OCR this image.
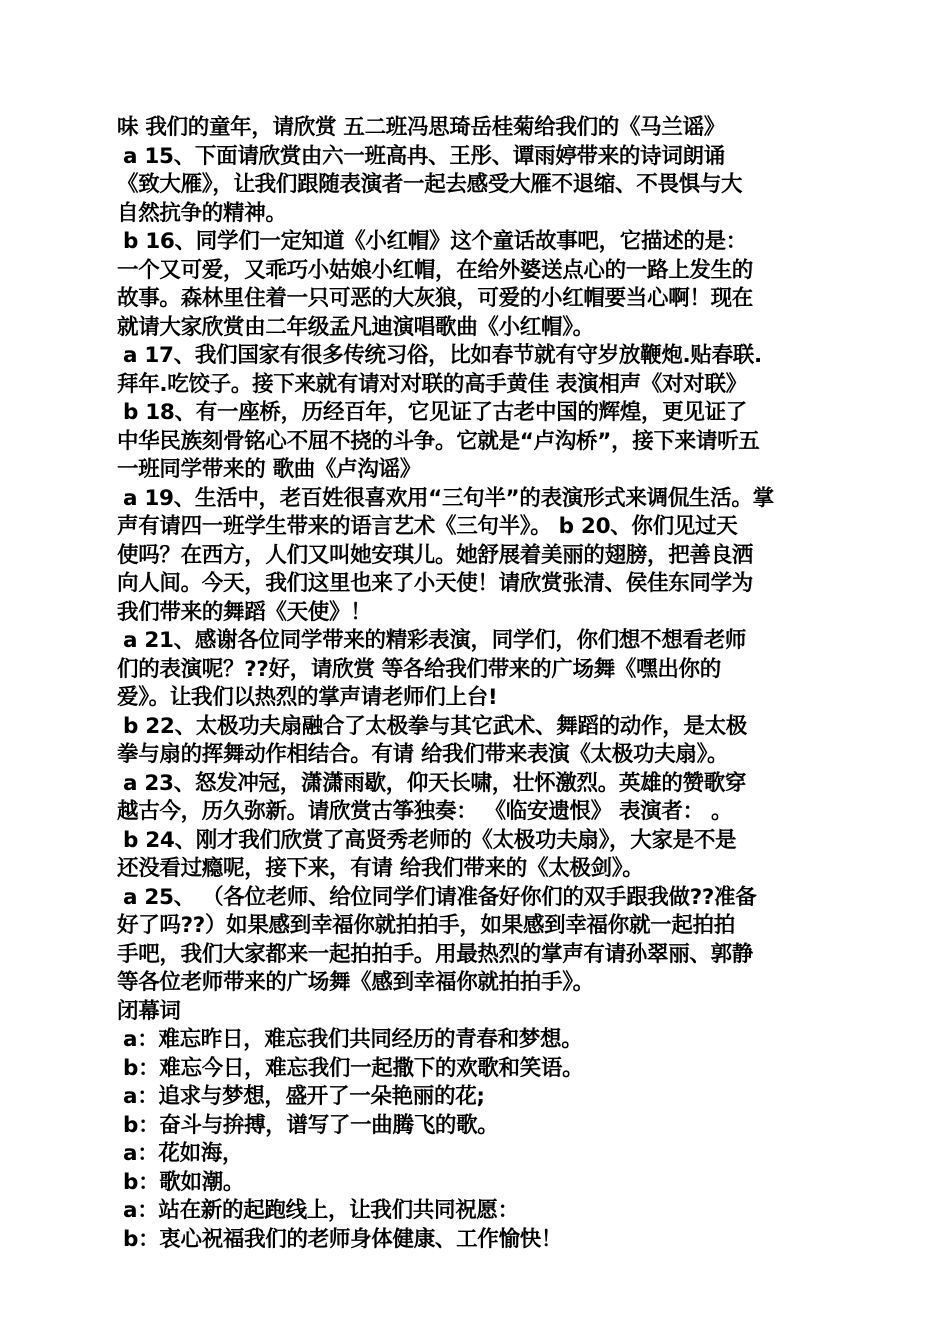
味 我们的童年，请欣赏 五二班冯思琦岳桂菊给我们的《马兰谣》
a 15、下面请欣赏由六一班高冉、王彤、谭雨婷带来的诗词朗诵
《致大雁》，让我们跟随表演者一起去感受大雁不退缩、不畏惧与大
自然抗争的精神。
b 16、同学们一定知道《小红帽》这个童话故事吧，它描述的是：
一个又可爱，又乖巧小姑娘小红帽，在给外婆送点心的一路上发生的
故事。森林里住着一只可恶的大灰狼，可爱的小红帽要当心啊！现在
就请大家欣赏由二年级孟凡迪演唱歌曲《小红帽》。
a 17、我们国家有很多传统习俗，比如春节就有守岁放鞭炮.贴春联.
拜年.吃饺子。接下来就有请对对联的高手黄佳 表演相声《对对联》
b 18、有一座桥，历经百年，它见证了古老中国的辉煌，更见证了
中华民族刻骨铭心不屈不挠的斗争。它就是“卢沟桥”，接下来请听五
一班同学带来的 歌曲《卢沟谣》
a 19、生活中，老百姓很喜欢用“三句半”的表演形式来调侃生活。掌
声有请四一班学生带来的语言艺术《三句半》。 b 20、你们见过天
使吗？在西方，人们又叫她安琪儿。她舒展着美丽的翅膀，把善良洒
向人间。今天，我们这里也来了小天使！请欣赏张清、侯佳东同学为
我们带来的舞蹈《天使》！
a 21、感谢各位同学带来的精彩表演，同学们，你们想不想看老师
们的表演呢？??好，请欣赏 等各给我们带来的广场舞《嘿出你的
爱》。让我们以热烈的掌声请老师们上台!
b 22、太极功夫扇融合了太极拳与其它武术、舞蹈的动作，是太极
拳与扇的挥舞动作相结合。有请 给我们带来表演《太极功夫扇》。
a 23、怒发冲冠，潇潇雨歇，仰天长啸，壮怀激烈。英雄的赞歌穿
越古今，历久弥新。请欣赏古筝独奏： 《临安遗恨》 表演者： 。
b 24、刚才我们欣赏了高贤秀老师的《太极功夫扇》，大家是不是
还没看过瘾呢，接下来，有请 给我们带来的《太极剑》。
a 25、 （各位老师、给位同学们请准备好你们的双手跟我做??准备
好了吗??）如果感到幸福你就拍拍手，如果感到幸福你就一起拍拍
手吧，我们大家都来一起拍拍手。用最热烈的掌声有请孙翠丽、郭静
等各位老师带来的广场舞《感到幸福你就拍拍手》。
闭幕词
a：难忘昨日，难忘我们共同经历的青春和梦想。
b：难忘今日，难忘我们一起撒下的欢歌和笑语。
a：追求与梦想，盛开了一朵艳丽的花;
b：奋斗与拚搏，谱写了一曲腾飞的歌。
a：花如海，
b：歌如潮。
a：站在新的起跑线上，让我们共同祝愿：
b：衷心祝福我们的老师身体健康、工作愉快！
